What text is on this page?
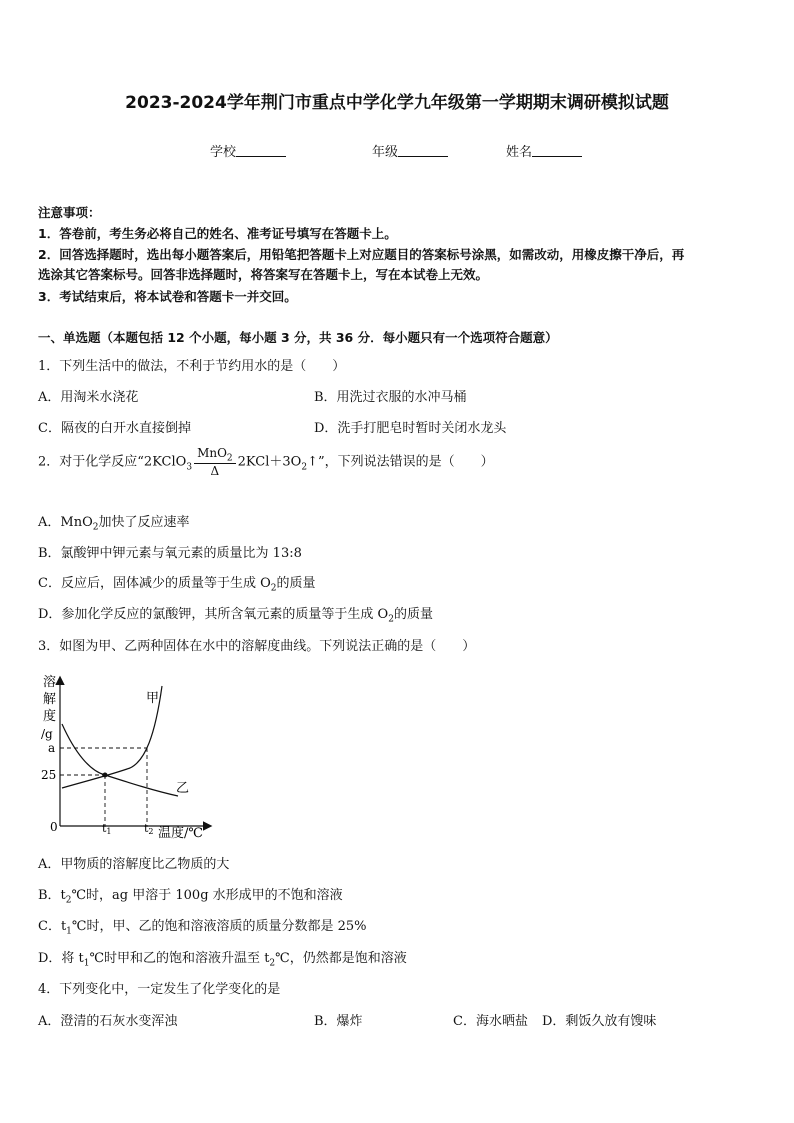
2023-2024学年荆门市重点中学化学九年级第一学期期末调研模拟试题
学校	年级	姓名
注意事项：
1．答卷前，考生务必将自己的姓名、准考证号填写在答题卡上。
2．回答选择题时，选出每小题答案后，用铅笔把答题卡上对应题目的答案标号涂黑，如需改动，用橡皮擦干净后，再
选涂其它答案标号。回答非选择题时，将答案写在答题卡上，写在本试卷上无效。
3．考试结束后，将本试卷和答题卡一并交回。
一、单选题（本题包括 12 个小题，每小题 3 分，共 36 分．每小题只有一个选项符合题意）
1．下列生活中的做法，不利于节约用水的是（　　）
A．用淘米水浇花	B．用洗过衣服的水冲马桶
C．隔夜的白开水直接倒掉	D．洗手打肥皂时暂时关闭水龙头
2．对于化学反应“2KClO$_3$ $\frac{MnO_2}{\Delta}$ $2KCl+3O_2↑$”，下列说法错误的是（　　）
A．MnO$_2$加快了反应速率
B．氯酸钾中钾元素与氧元素的质量比为 13:8
C．反应后，固体减少的质量等于生成 $O_2$的质量
D．参加化学反应的氯酸钾，其所含氧元素的质量等于生成 $O_2$的质量
3．如图为甲、乙两种固体在水中的溶解度曲线。下列说法正确的是（　　）
溶
解
度
/g
a
25
0	t1	t2 温度/℃
甲
乙
A．甲物质的溶解度比乙物质的大
B．$t_2℃$时，ag 甲溶于 100g 水形成甲的不饱和溶液
C．$t_1℃$时，甲、乙的饱和溶液溶质的质量分数都是 25%
D．将 $t_1℃$时甲和乙的饱和溶液升温至 $t_2℃$，仍然都是饱和溶液
4．下列变化中，一定发生了化学变化的是
A．澄清的石灰水变浑浊	B．爆炸	C．海水晒盐 D．剩饭久放有馊味
